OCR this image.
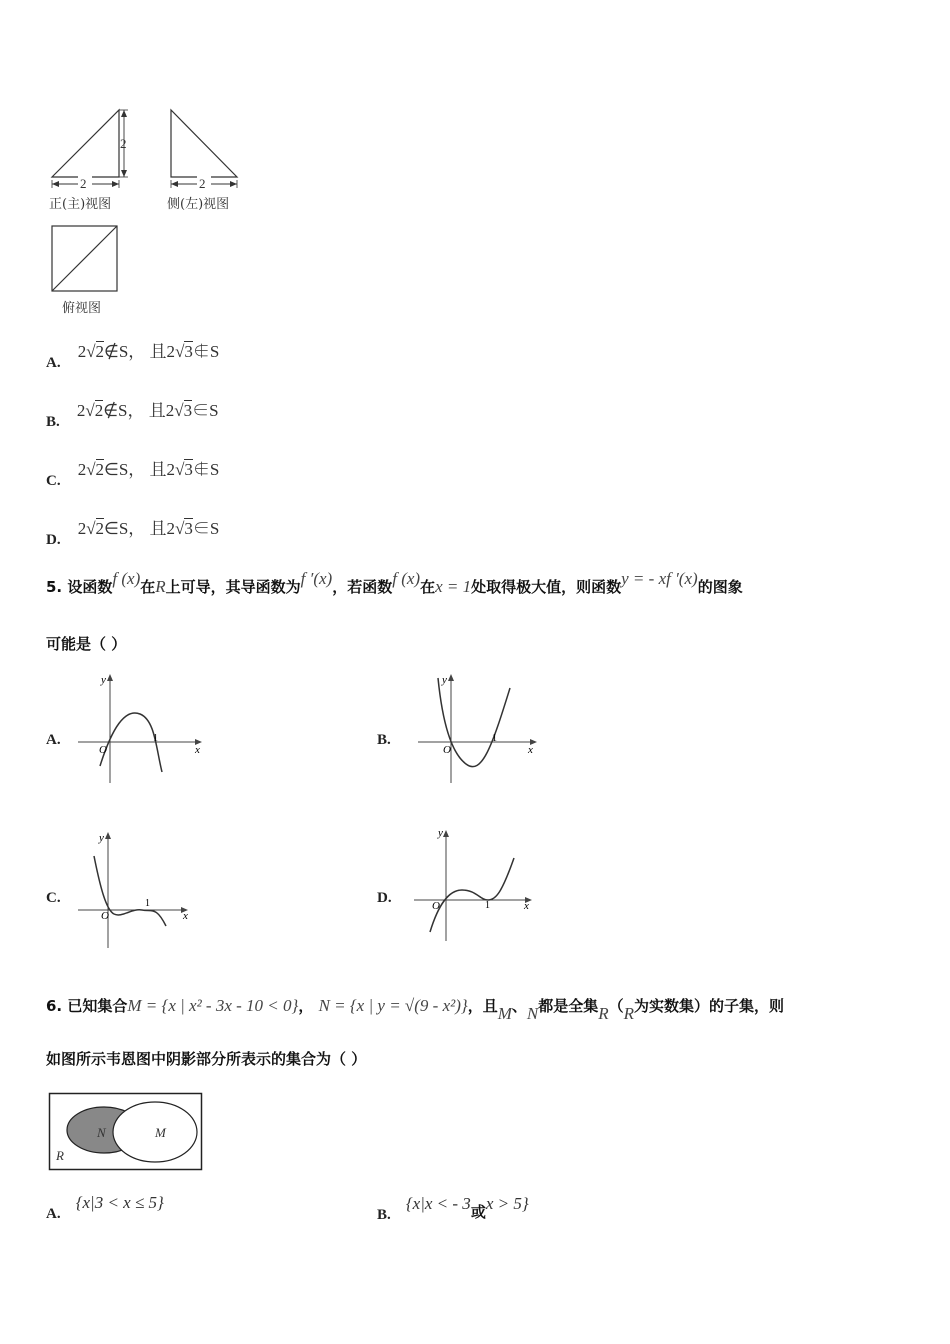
2
2	2
正(主)视图	侧(左)视图
俯视图
A. 2√2∉S， 且2√3∉S
B. 2√2∉S， 且2√3∈S
C. 2√2∈S， 且2√3∉S
D. 2√2∈S， 且2√3∈S
5. 设函数f (x)在R上可导，其导函数为f ′(x)，若函数f (x)在x = 1处取得极大值，则函数y = - xf ′(x)的图象
可能是（ ）
A.	B.
C.	D.
y
x
O
1
y
x
O
1
y
x
O
1
y
x
O	1
6. 已知集合M = {x | x² - 3x - 10 < 0}， N = {x | y = √(9 - x²)}，且M、N都是全集R（R为实数集）的子集，则
如图所示韦恩图中阴影部分所表示的集合为（ ）
N	M
R
A. {x|3 < x ≤ 5}
B. {x|x < - 3或x > 5}
